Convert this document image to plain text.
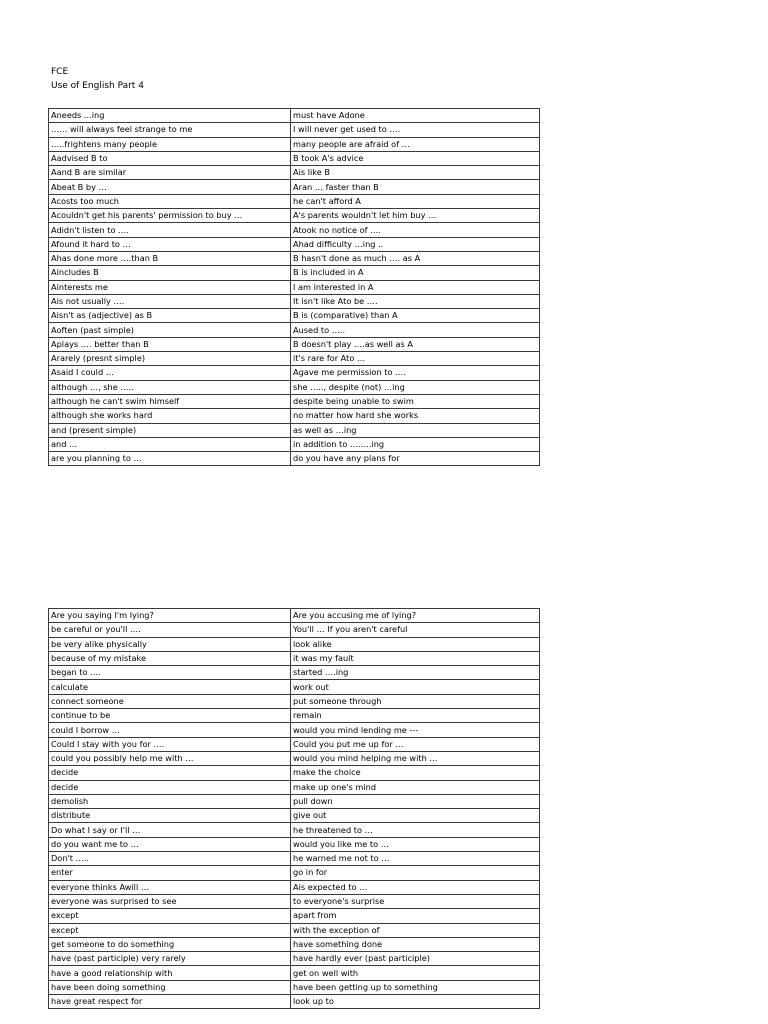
FCE
Use of English Part 4
Aneeds ...ing	must have Adone
…… will always feel strange to me	I will never get used to ….
…..frightens many people	many people are afraid of …
Aadvised B to	B took A's advice
Aand B are similar	Ais like B
Abeat B by …	Aran … faster than B
Acosts too much	he can't afford A
Acouldn't get his parents' permission to buy …	A's parents wouldn't let him buy …
Adidn't listen to ….	Atook no notice of ….
Afound it hard to …	Ahad difficulty …ing ..
Ahas done more ….than B	B hasn't done as much …. as A
Aincludes B	B is included in A
Ainterests me	I am interested in A
Ais not usually ….	It isn't like Ato be ….
Aisn't as (adjective) as B	B is (comparative) than A
Aoften (past simple)	Aused to …..
Aplays …. better than B	B doesn't play ….as well as A
Ararely (presnt simple)	it's rare for Ato …
Asaid I could …	Agave me permission to ….
although …, she …..	she ….., despite (not) …ing
although he can't swim himself	despite being unable to swim
although she works hard	no matter how hard she works
and (present simple)	as well as …ing
and …	in addition to ……..ing
are you planning to …	do you have any plans for
Are you saying I'm lying?	Are you accusing me of lying?
be careful or you'll ….	You'll … If you aren't careful
be very alike physically	look alike
because of my mistake	it was my fault
began to ….	started ….ing
calculate	work out
connect someone	put someone through
continue to be	remain
could I borrow …	would you mind lending me ---
Could I stay with you for ….	Could you put me up for …
could you possibly help me with …	would you mind helping me with …
decide	make the choice
decide	make up one's mind
demolish	pull down
distribute	give out
Do what I say or I'll …	he threatened to …
do you want me to …	would you like me to …
Don't …..	he warned me not to …
enter	go in for
everyone thinks Awill …	Ais expected to …
everyone was surprised to see	to everyone's surprise
except	apart from
except	with the exception of
get someone to do something	have something done
have (past participle) very rarely	have hardly ever (past participle)
have a good relationship with	get on well with
have been doing something	have been getting up to something
have great respect for	look up to
